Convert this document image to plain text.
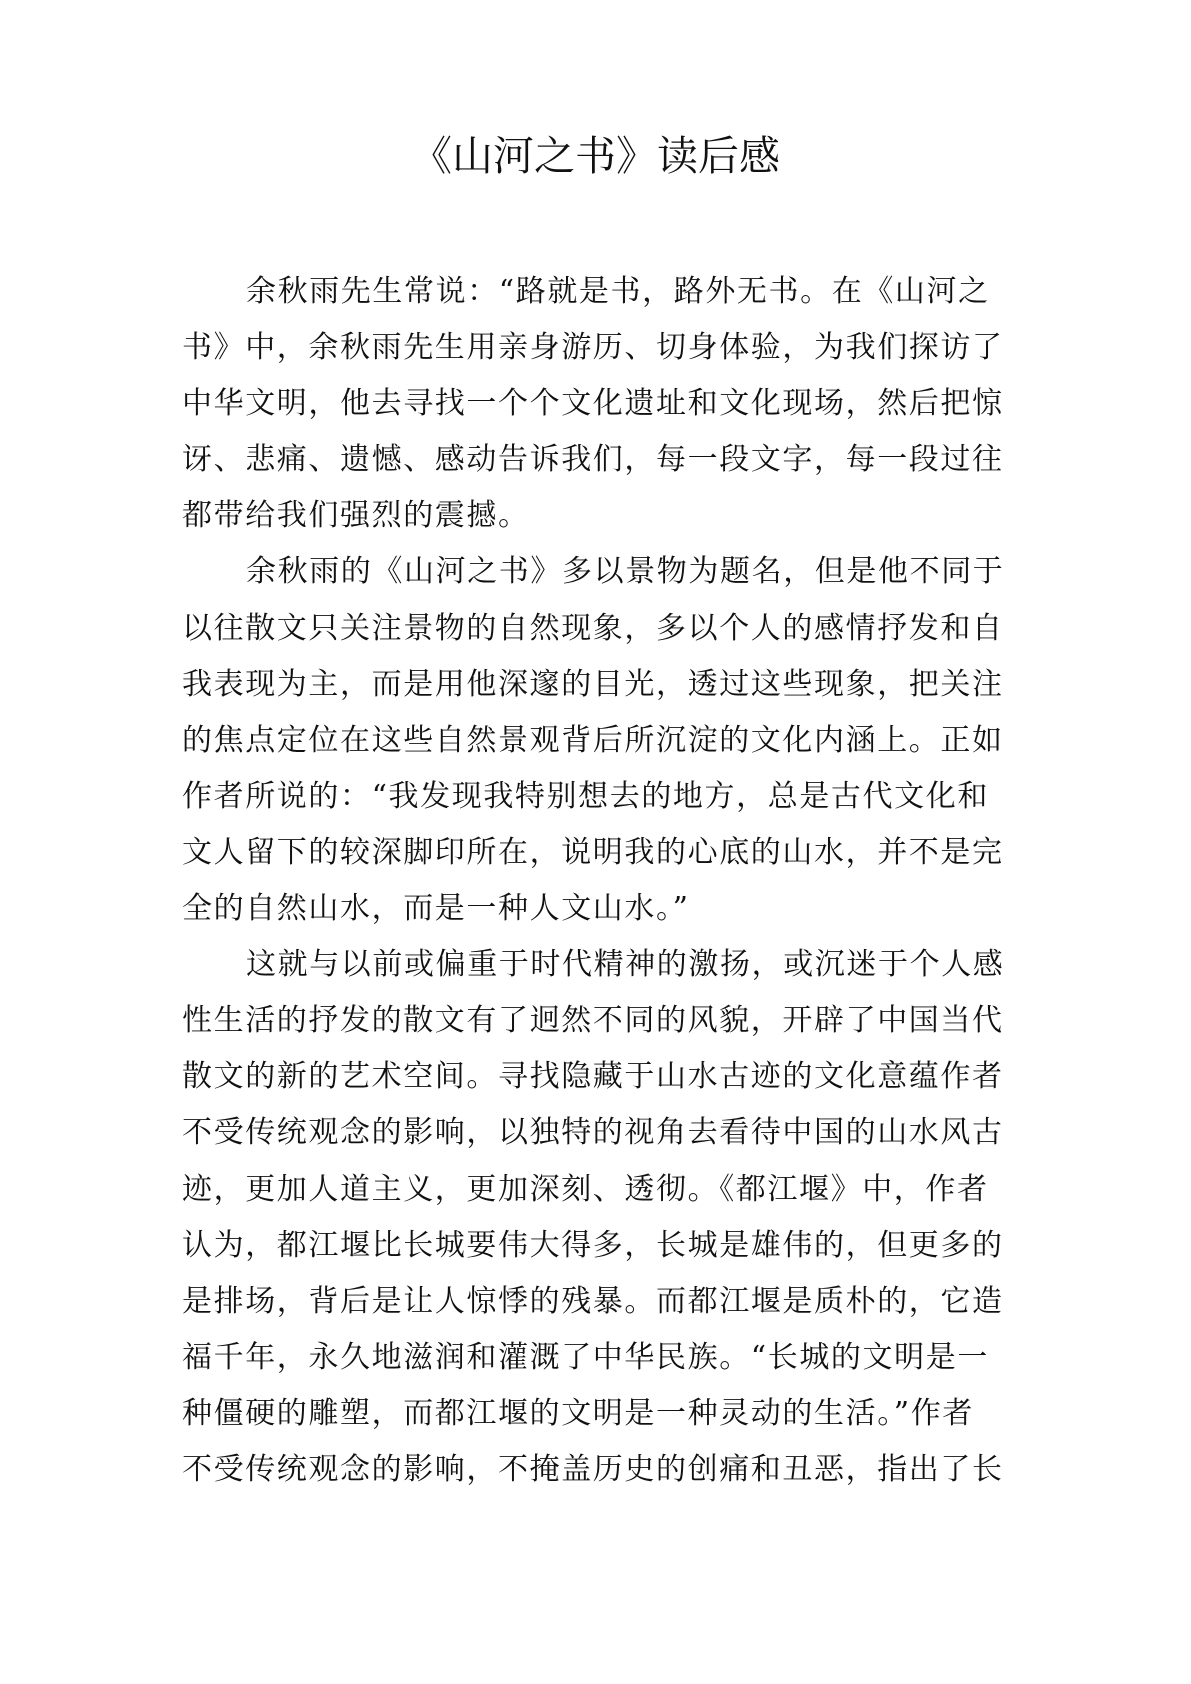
《山河之书》读后感
余秋雨先生常说：“路就是书，路外无书。在《山河之
书》中，余秋雨先生用亲身游历、切身体验，为我们探访了
中华文明，他去寻找一个个文化遗址和文化现场，然后把惊
讶、悲痛、遗憾、感动告诉我们，每一段文字，每一段过往
都带给我们强烈的震撼。
余秋雨的《山河之书》多以景物为题名，但是他不同于
以往散文只关注景物的自然现象，多以个人的感情抒发和自
我表现为主，而是用他深邃的目光，透过这些现象，把关注
的焦点定位在这些自然景观背后所沉淀的文化内涵上。正如
作者所说的：“我发现我特别想去的地方，总是古代文化和
文人留下的较深脚印所在，说明我的心底的山水，并不是完
全的自然山水，而是一种人文山水。”
这就与以前或偏重于时代精神的激扬，或沉迷于个人感
性生活的抒发的散文有了迥然不同的风貌，开辟了中国当代
散文的新的艺术空间。寻找隐藏于山水古迹的文化意蕴作者
不受传统观念的影响，以独特的视角去看待中国的山水风古
迹，更加人道主义，更加深刻、透彻。《都江堰》中，作者
认为，都江堰比长城要伟大得多，长城是雄伟的，但更多的
是排场，背后是让人惊悸的残暴。而都江堰是质朴的，它造
福千年，永久地滋润和灌溉了中华民族。“长城的文明是一
种僵硬的雕塑，而都江堰的文明是一种灵动的生活。”作者
不受传统观念的影响，不掩盖历史的创痛和丑恶，指出了长
